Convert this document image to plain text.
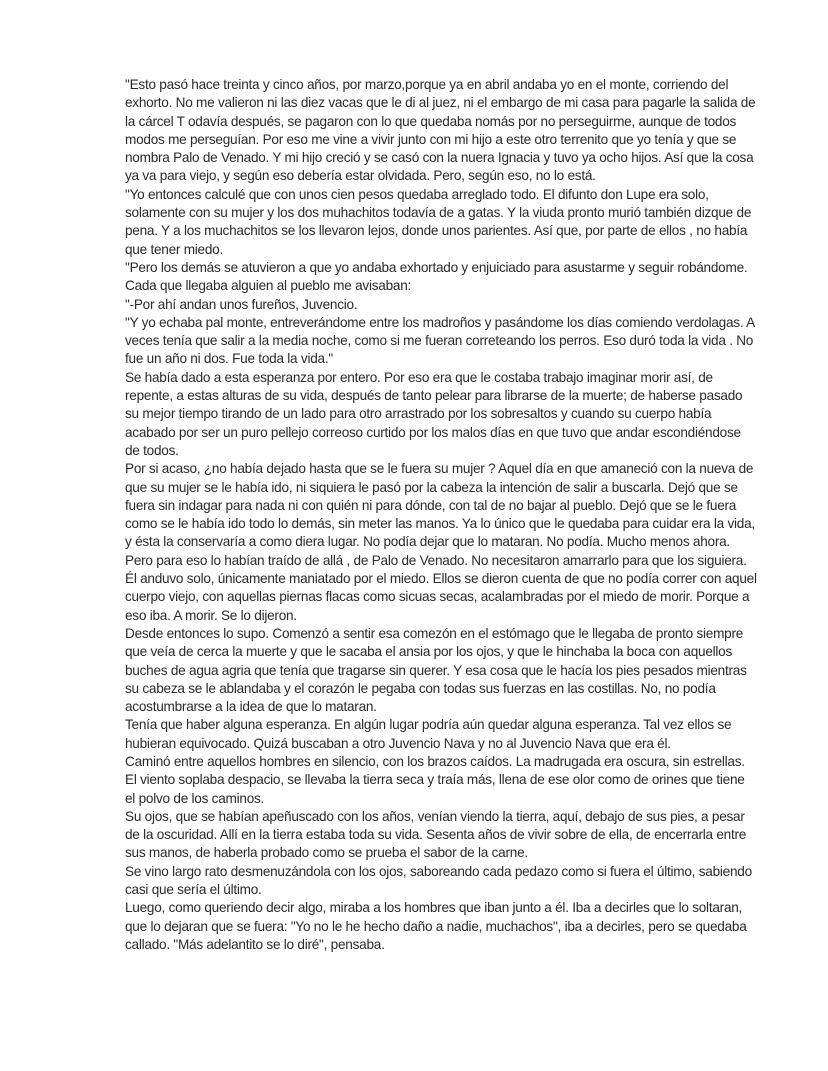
"Esto pasó hace treinta y cinco años, por marzo,porque ya en abril andaba yo en el monte, corriendo del exhorto. No me valieron ni las diez vacas que le di al juez, ni el embargo de mi casa para pagarle la salida de la cárcel T odavía después, se pagaron con lo que quedaba nomás por no perseguirme, aunque de todos modos me perseguían. Por eso me vine a vivir junto con mi hijo a este otro terrenito que yo tenía y que se nombra Palo de Venado. Y mi hijo creció y se casó con la nuera Ignacia y tuvo ya ocho hijos. Así que la cosa ya va para viejo, y según eso debería estar olvidada. Pero, según eso, no lo está.

"Yo entonces calculé que con unos cien pesos quedaba arreglado todo. El difunto don Lupe era solo, solamente con su mujer y los dos muhachitos todavía de a gatas. Y la viuda pronto murió también dizque de pena. Y a los muchachitos se los llevaron lejos, donde unos parientes. Así que, por parte de ellos , no había que tener miedo.

"Pero los demás se atuvieron a que yo andaba exhortado y enjuiciado para asustarme y seguir robándome. Cada que llegaba alguien al pueblo me avisaban:

"-Por ahí andan unos fureños, Juvencio.

"Y yo echaba pal monte, entreverándome entre los madroños y pasándome los días comiendo verdolagas. A veces tenía que salir a la media noche, como si me fueran correteando los perros. Eso duró toda la vida . No fue un año ni dos. Fue toda la vida."

Se había dado a esta esperanza por entero. Por eso era que le costaba trabajo imaginar morir así, de repente, a estas alturas de su vida, después de tanto pelear para librarse de la muerte; de haberse pasado su mejor tiempo tirando de un lado para otro arrastrado por los sobresaltos y cuando su cuerpo había acabado por ser un puro pellejo correoso curtido por los malos días en que tuvo que andar escondiéndose de todos.

Por si acaso, ¿no había dejado hasta que se le fuera su mujer ? Aquel día en que amaneció con la nueva de que su mujer se le había ido, ni siquiera le pasó por la cabeza la intención de salir a buscarla. Dejó que se fuera sin indagar para nada ni con quién ni para dónde, con tal de no bajar al pueblo. Dejó que se le fuera como se le había ido todo lo demás, sin meter las manos. Ya lo único que le quedaba para cuidar era la vida, y ésta la conservaría a como diera lugar. No podía dejar que lo mataran. No podía. Mucho menos ahora.

Pero para eso lo habían traído de allá , de Palo de Venado. No necesitaron amarrarlo para que los siguiera. Él anduvo solo, únicamente maniatado por el miedo. Ellos se dieron cuenta de que no podía correr con aquel cuerpo viejo, con aquellas piernas flacas como sicuas secas, acalambradas por el miedo de morir. Porque a eso iba. A morir. Se lo dijeron.

Desde entonces lo supo. Comenzó a sentir esa comezón en el estómago que le llegaba de pronto siempre que veía de cerca la muerte y que le sacaba el ansia por los ojos, y que le hinchaba la boca con aquellos buches de agua agria que tenía que tragarse sin querer. Y esa cosa que le hacía los pies pesados mientras su cabeza se le ablandaba y el corazón le pegaba con todas sus fuerzas en las costillas. No, no podía acostumbrarse a la idea de que lo mataran.

Tenía que haber alguna esperanza. En algún lugar podría aún quedar alguna esperanza. Tal vez ellos se hubieran equivocado. Quizá buscaban a otro Juvencio Nava y no al Juvencio Nava que era él.

Caminó entre aquellos hombres en silencio, con los brazos caídos. La madrugada era oscura, sin estrellas. El viento soplaba despacio, se llevaba la tierra seca y traía más, llena de ese olor como de orines que tiene el polvo de los caminos.

Su ojos, que se habían apeñuscado con los años, venían viendo la tierra, aquí, debajo de sus pies, a pesar de la oscuridad. Allí en la tierra estaba toda su vida. Sesenta años de vivir sobre de ella, de encerrarla entre sus manos, de haberla probado como se prueba el sabor de la carne.

Se vino largo rato desmenuzándola con los ojos, saboreando cada pedazo como si fuera el último, sabiendo casi que sería el último.

Luego, como queriendo decir algo, miraba a los hombres que iban junto a él. Iba a decirles que lo soltaran, que lo dejaran que se fuera: "Yo no le he hecho daño a nadie, muchachos", iba a decirles, pero se quedaba callado. "Más adelantito se lo diré", pensaba.
